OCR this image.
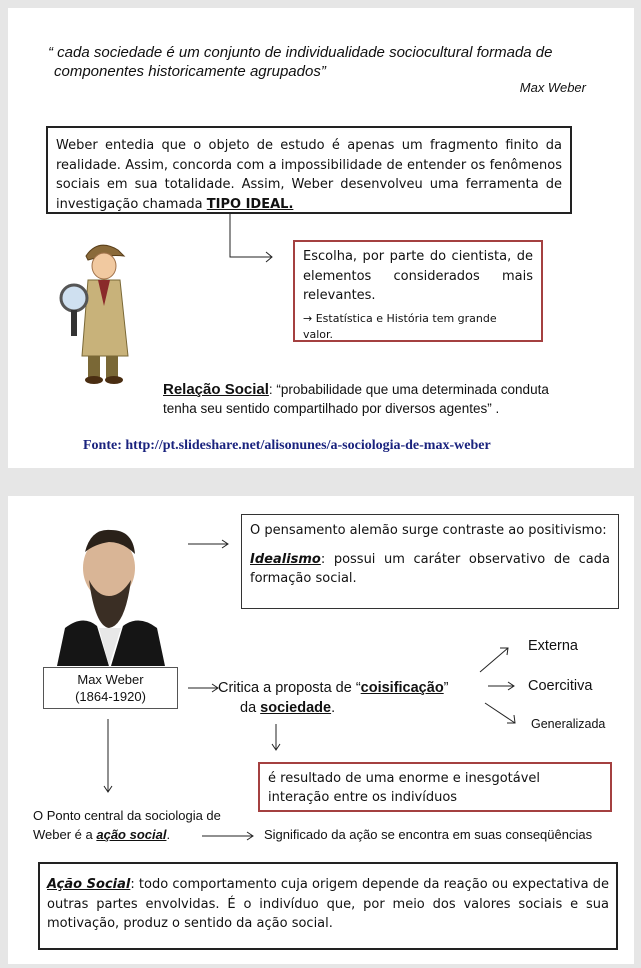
“ cada sociedade é um conjunto de individualidade sociocultural formada de
componentes historicamente agrupados”
Max Weber
Weber entedia que o objeto de estudo é apenas um fragmento finito da realidade. Assim, concorda com a impossibilidade de entender os fenômenos sociais em sua totalidade. Assim, Weber desenvolveu uma ferramenta de investigação chamada TIPO IDEAL.
Escolha, por parte do cientista, de elementos considerados mais relevantes.
→ Estatística e História tem grande valor.
Relação Social: “probabilidade que uma determinada conduta tenha seu sentido compartilhado por diversos agentes” .
Fonte: http://pt.slideshare.net/alisonunes/a-sociologia-de-max-weber
Max Weber
(1864-1920)
O pensamento alemão surge contraste ao positivismo:
Idealismo: possui um caráter observativo de cada formação social.
Critica a proposta de “coisificação”
da sociedade.
Externa
Coercitiva
Generalizada
é resultado de uma enorme e inesgotável interação entre os indivíduos
O Ponto central da sociologia de Weber é a ação social.	Significado da ação se encontra em suas conseqüências
Ação Social: todo comportamento cuja origem depende da reação ou expectativa de outras partes envolvidas. É o indivíduo que, por meio dos valores sociais e sua motivação, produz o sentido da ação social.
